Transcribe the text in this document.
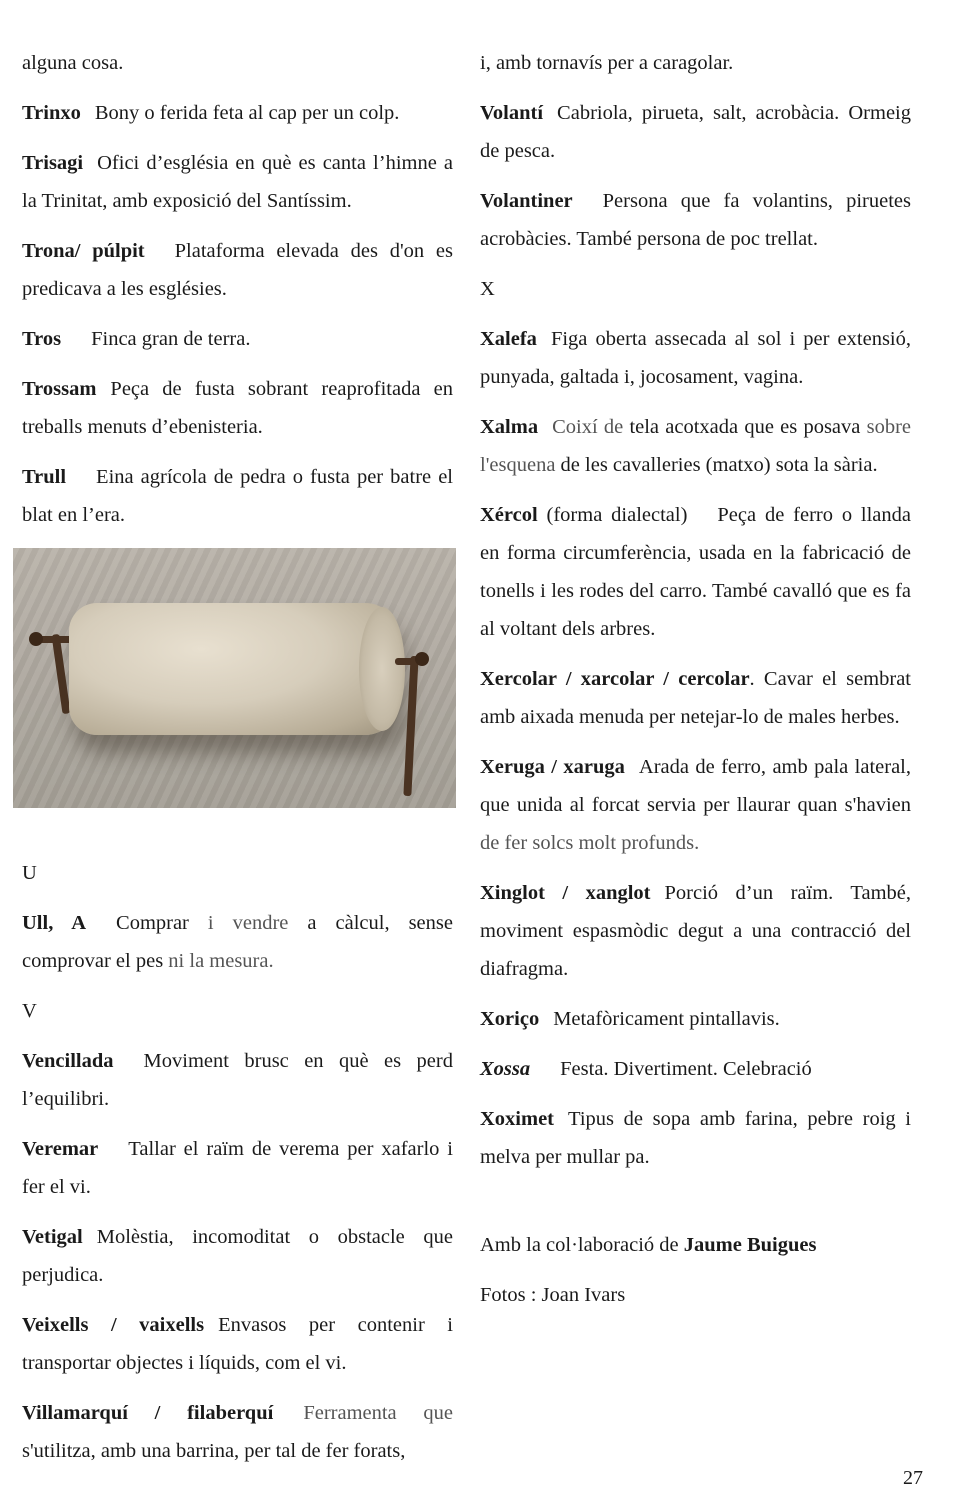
alguna cosa.

Trinxo Bony o ferida feta al cap per un colp.

Trisagi Ofici d’església en què es canta l’himne a la Trinitat, amb exposició del Santíssim.

Trona/ púlpit Plataforma elevada des d'on es predicava a les esglésies.

Tros Finca gran de terra.

Trossam Peça de fusta sobrant reaprofitada en treballs menuts d’ebenisteria.

Trull Eina agrícola de pedra o fusta per batre el blat en l’era.

U

Ull, A Comprar i vendre a càlcul, sense comprovar el pes ni la mesura.

V

Vencillada Moviment brusc en què es perd l’equilibri.

Veremar Tallar el raïm de verema per xafarlo i fer el vi.

Vetigal Molèstia, incomoditat o obstacle que perjudica.

Veixells / vaixells Envasos per contenir i transportar objectes i líquids, com el vi.

Villamarquí / filaberquí Ferramenta que s'utilitza, amb una barrina, per tal de fer forats,

i, amb tornavís per a caragolar.

Volantí Cabriola, pirueta, salt, acrobàcia. Ormeig de pesca.

Volantiner Persona que fa volantins, piruetes acrobàcies. També persona de poc trellat.

X

Xalefa Figa oberta assecada al sol i per extensió, punyada, galtada i, jocosament, vagina.

Xalma Coixí de tela acotxada que es posava sobre l'esquena de les cavalleries (matxo) sota la sària.

Xércol (forma dialectal) Peça de ferro o llanda en forma circumferència, usada en la fabricació de tonells i les rodes del carro. També cavalló que es fa al voltant dels arbres.

Xercolar / xarcolar / cercolar. Cavar el sembrat amb aixada menuda per netejar-lo de males herbes.

Xeruga / xaruga Arada de ferro, amb pala lateral, que unida al forcat servia per llaurar quan s'havien de fer solcs molt profunds.

Xinglot / xanglot Porció d’un raïm. També, moviment espasmòdic degut a una contracció del diafragma.

Xoriço Metafòricament pintallavis.

Xossa Festa. Divertiment. Celebració

Xoximet Tipus de sopa amb farina, pebre roig i melva per mullar pa.

Amb la col·laboració de Jaume Buigues

Fotos : Joan Ivars

27
